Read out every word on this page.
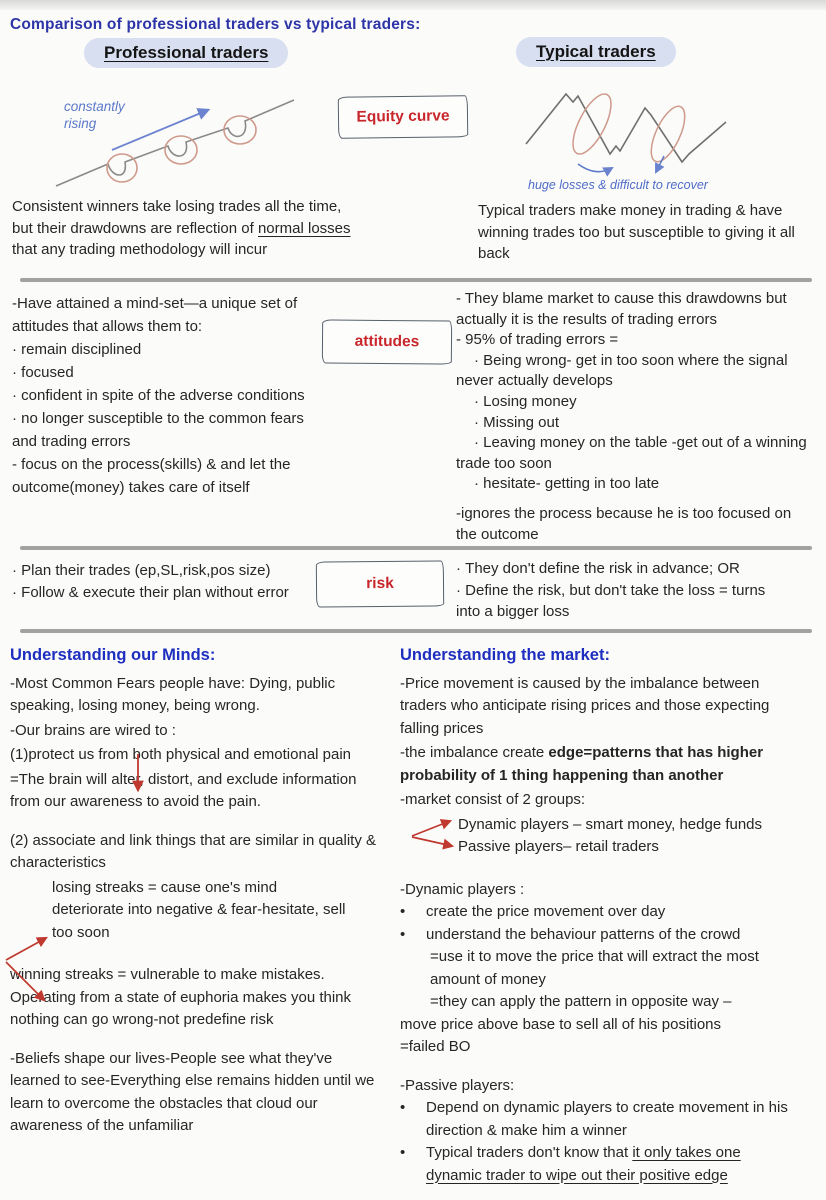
Comparison of professional traders vs typical traders:
Professional traders	Typical traders
constantly rising	Equity curve
huge losses & difficult to recover
Consistent winners take losing trades all the time, but their drawdowns are reflection of normal losses that any trading methodology will incur
Typical traders make money in trading & have winning trades too but susceptible to giving it all back
-Have attained a mind-set—a unique set of attitudes that allows them to:
· remain disciplined
· focused
· confident in spite of the adverse conditions
· no longer susceptible to the common fears and trading errors
- focus on the process(skills) & and let the outcome(money) takes care of itself
attitudes
- They blame market to cause this drawdowns but actually it is the results of trading errors
- 95% of trading errors =
· Being wrong- get in too soon where the signal never actually develops
· Losing money
· Missing out
· Leaving money on the table -get out of a winning trade too soon
· hesitate- getting in too late
-ignores the process because he is too focused on the outcome
· Plan their trades (ep,SL,risk,pos size)
· Follow & execute their plan without error	risk
· They don't define the risk in advance; OR
· Define the risk, but don't take the loss = turns into a bigger loss
Understanding our Minds:

-Most Common Fears people have: Dying, public speaking, losing money, being wrong.

-Our brains are wired to :

(1)protect us from both physical and emotional pain

=The brain will alter, distort, and exclude information from our awareness to avoid the pain.

(2) associate and link things that are similar in quality & characteristics

losing streaks = cause one's mind deteriorate into negative & fear-hesitate, sell too soon

winning streaks = vulnerable to make mistakes. Operating from a state of euphoria makes you think nothing can go wrong-not predefine risk

-Beliefs shape our lives-People see what they've learned to see-Everything else remains hidden until we learn to overcome the obstacles that cloud our awareness of the unfamiliar

Understanding the market:

-Price movement is caused by the imbalance between traders who anticipate rising prices and those expecting falling prices

-the imbalance create edge=patterns that has higher probability of 1 thing happening than another

-market consist of 2 groups:

Dynamic players – smart money, hedge funds
Passive players– retail traders
-Dynamic players :
• create the price movement over day
• understand the behaviour patterns of the crowd
=use it to move the price that will extract the most amount of money
=they can apply the pattern in opposite way –
move price above base to sell all of his positions
=failed BO
-Passive players:
• Depend on dynamic players to create movement in his direction & make him a winner
• Typical traders don't know that it only takes one dynamic trader to wipe out their positive edge
